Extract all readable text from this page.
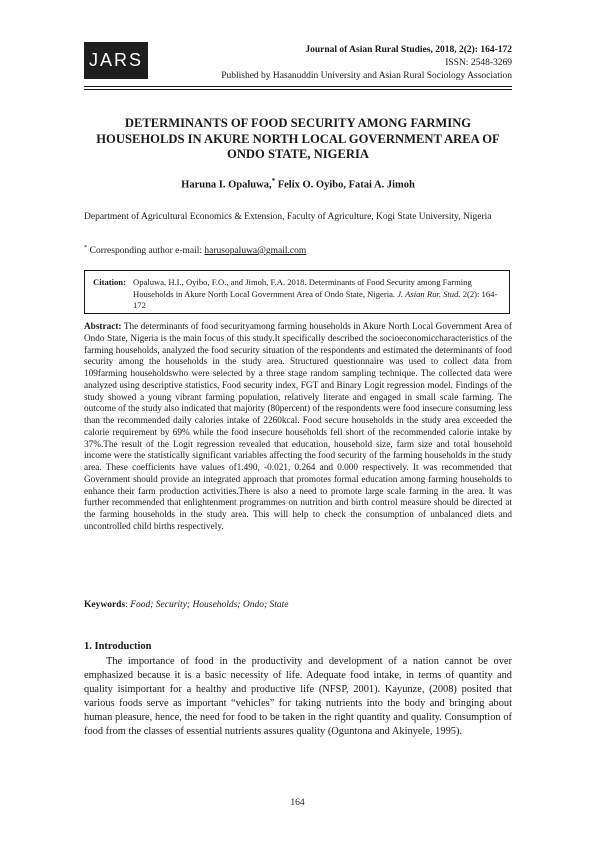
JARS	Journal of Asian Rural Studies, 2018, 2(2): 164-172
ISSN: 2548-3269
Published by Hasanuddin University and Asian Rural Sociology Association
DETERMINANTS OF FOOD SECURITY AMONG FARMING HOUSEHOLDS IN AKURE NORTH LOCAL GOVERNMENT AREA OF ONDO STATE, NIGERIA
Haruna I. Opaluwa,* Felix O. Oyibo, Fatai A. Jimoh
Department of Agricultural Economics & Extension, Faculty of Agriculture, Kogi State University, Nigeria
* Corresponding author e-mail: harusopaluwa@gmail.com
Citation: Opaluwa, H.I., Oyibo, F.O., and Jimoh, F.A. 2018. Determinants of Food Security among Farming Households in Akure North Local Government Area of Ondo State, Nigeria. J. Asian Rur. Stud. 2(2): 164-172

Abstract: The determinants of food securityamong farming households in Akure North Local Government Area of Ondo State, Nigeria is the main focus of this study.It specifically described the socioeconomiccharacteristics of the farming households, analyzed the food security situation of the respondents and estimated the determinants of food security among the households in the study area. Structured questionnaire was used to collect data from 109farming householdswho were selected by a three stage random sampling technique. The collected data were analyzed using descriptive statistics, Food security index, FGT and Binary Logit regression model. Findings of the study showed a young vibrant farming population, relatively literate and engaged in small scale farming. The outcome of the study also indicated that majority (80percent) of the respondents were food insecure consuming less than the recommended daily calories intake of 2260kcal. Food secure households in the study area exceeded the calorie requirement by 69% while the food insecure households fell short of the recommended calorie intake by 37%.The result of the Logit regression revealed that education, household size, farm size and total household income were the statistically significant variables affecting the food security of the farming households in the study area. These coefficients have values of1.490, -0.021, 0.264 and 0.000 respectively. It was recommended that Government should provide an integrated approach that promotes formal education among farming households to enhance their farm production activities.There is also a need to promote large scale farming in the area. It was further recommended that enlightenment programmes on nutrition and birth control measure should be directed at the farming households in the study area. This will help to check the consumption of unbalanced diets and uncontrolled child births respectively.

Keywords: Food; Security; Households; Ondo; State
1. Introduction

The importance of food in the productivity and development of a nation cannot be over emphasized because it is a basic necessity of life. Adequate food intake, in terms of quantity and quality isimportant for a healthy and productive life (NFSP, 2001). Kayunze, (2008) posited that various foods serve as important “vehicles” for taking nutrients into the body and bringing about human pleasure, hence, the need for food to be taken in the right quantity and quality. Consumption of food from the classes of essential nutrients assures quality (Oguntona and Akinyele, 1995).

164
